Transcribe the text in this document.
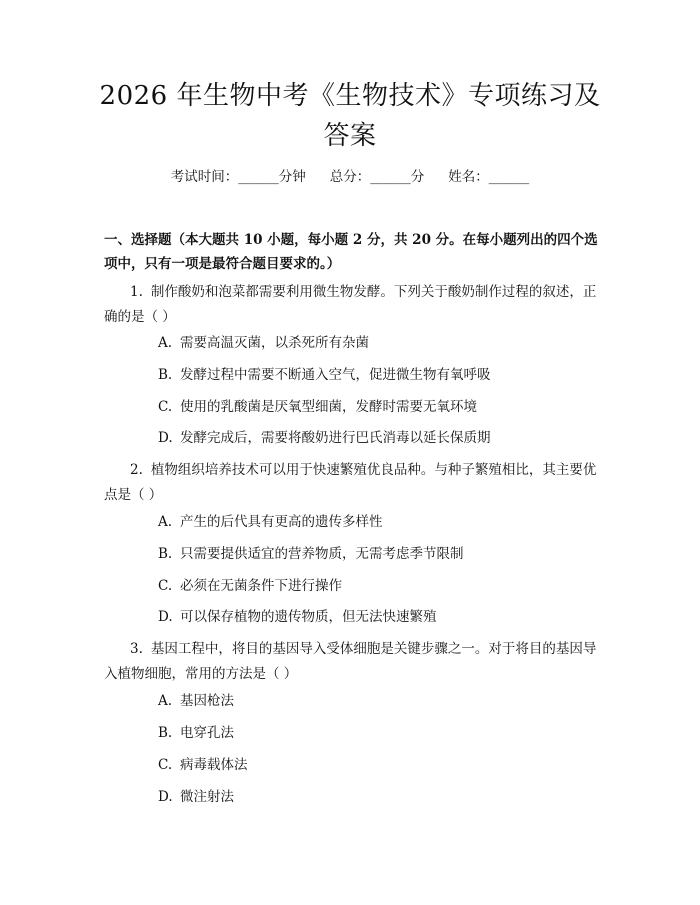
2026 年生物中考《生物技术》专项练习及答案
考试时间：______分钟 总分：______分 姓名：______

一、选择题（本大题共 10 小题，每小题 2 分，共 20 分。在每小题列出的四个选项中，只有一项是最符合题目要求的。）

1. 制作酸奶和泡菜都需要利用微生物发酵。下列关于酸奶制作过程的叙述，正确的是（ ）
A. 需要高温灭菌，以杀死所有杂菌
B. 发酵过程中需要不断通入空气，促进微生物有氧呼吸
C. 使用的乳酸菌是厌氧型细菌，发酵时需要无氧环境
D. 发酵完成后，需要将酸奶进行巴氏消毒以延长保质期
2. 植物组织培养技术可以用于快速繁殖优良品种。与种子繁殖相比，其主要优点是（ ）
A. 产生的后代具有更高的遗传多样性
B. 只需要提供适宜的营养物质，无需考虑季节限制
C. 必须在无菌条件下进行操作
D. 可以保存植物的遗传物质，但无法快速繁殖
3. 基因工程中，将目的基因导入受体细胞是关键步骤之一。对于将目的基因导入植物细胞，常用的方法是（ ）
A. 基因枪法
B. 电穿孔法
C. 病毒载体法
D. 微注射法
